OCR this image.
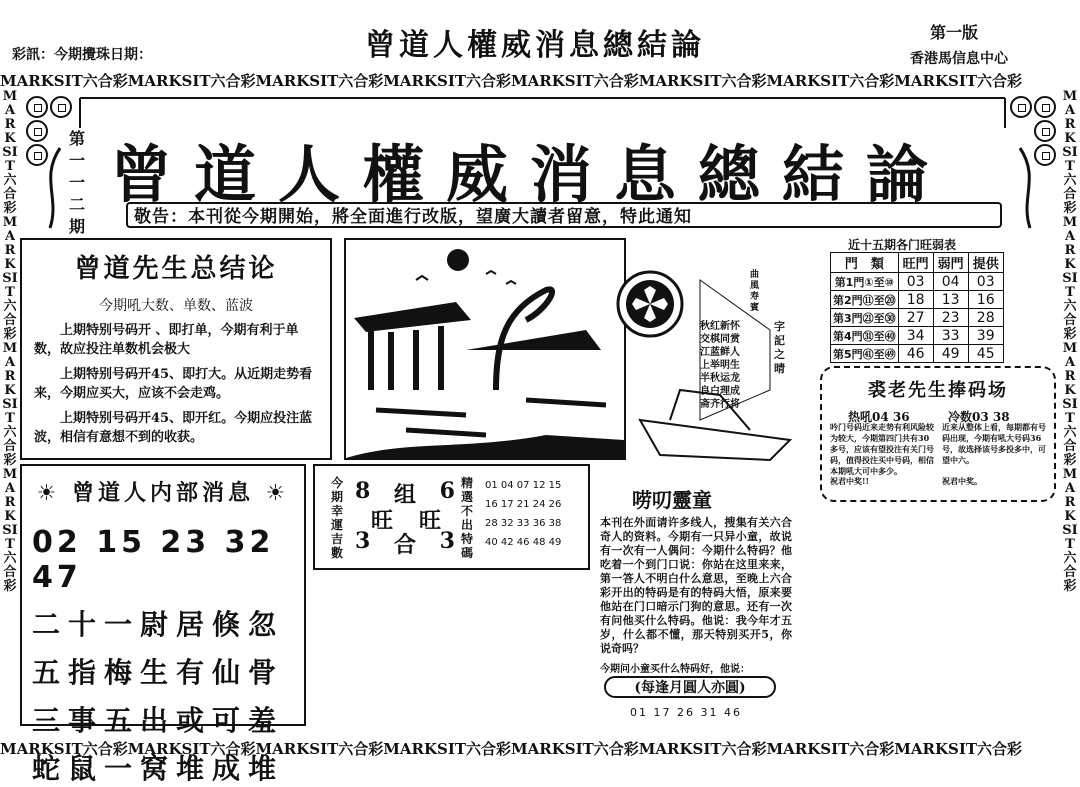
曾道人權威消息總結論
彩訊：今期攪珠日期：
第一版
香港馬信息中心
MARKSIT六合彩MARKSIT六合彩MARKSIT六合彩MARKSIT六合彩MARKSIT六合彩MARKSIT六合彩MARKSIT六合彩MARKSIT六合彩
MARKSIT六合彩MARKSIT六合彩MARKSIT六合彩MARKSIT六合彩MARKSIT六合彩MARKSIT六合彩MARKSIT六合彩MARKSIT六合彩
MARKSIT六合彩MARKSIT六合彩MARKSIT六合彩MARKSIT六合彩
MARKSIT六合彩MARKSIT六合彩MARKSIT六合彩MARKSIT六合彩
第一一二期
曾道人權威消息總結論
敬告：本刊從今期開始，將全面進行改版，望廣大讀者留意，特此通知
曾道先生总结论
今期吼大数、单数、蓝波

上期特别号码开 、即打单，今期有利于单数，故应投注单数机会极大

上期特别号码开45、即打大。从近期走势看来，今期应买大，应该不会走鸡。

上期特别号码开45、即开红。今期应投注蓝波，相信有意想不到的收获。

秋红新怀
交棋同赏
江蓝鲜人
上举明生
半秋运龙
良白理成
斋齐行将
字記之晴
曲風寿賓
近十五期各门旺弱表
門　類	旺門	弱門	提供
第1門①至⑩	03	04	03
第2門⑪至⑳	18	13	16
第3門㉑至㉚	27	23	28
第4門㉛至㊵	34	33	39
第5門㊶至㊾	46	49	45
裘老先生捧码场
热吼04 36	冷数03 38
吟门号码近来走势有利风险较为较大，今期第四门共有30多号，应该有望投注有关门号码，值得投注买中号码，相信本期吼大可中多少。
近来从整体上看，每期都有号码出现，今期有吼大号码36号，故选择该号多投多中，可望中六。
祝君中奖!!	祝君中奖。
☀ 曾道人内部消息 ☀
02 15 23 32 47
二十一尉居倏忽
五指梅生有仙骨
三事五出或可羞
蛇鼠一窝堆成堆
今期幸運吉數
8 组 6
旺 旺
3 合 3
精選不出特碼
01 04 07 12 15
16 17 21 24 26
28 32 33 36 38
40 42 46 48 49
唠叨靈童
本刊在外面请许多线人，搜集有关六合奇人的资料。今期有一只异小童，故说有一次有一人偶问：今期什么特码？他吃着一个到门口说：你站在这里来来，第一答人不明白什么意思，至晚上六合彩开出的特码是有的特码大悟，原来要他站在门口暗示门狗的意思。还有一次有问他买什么特码。他说：我今年才五岁，什么都不懂，那天特别买开5，你说奇吗？
今期问小童买什么特码好，他说：
(每逢月圓人亦圓)
01 17 26 31 46
